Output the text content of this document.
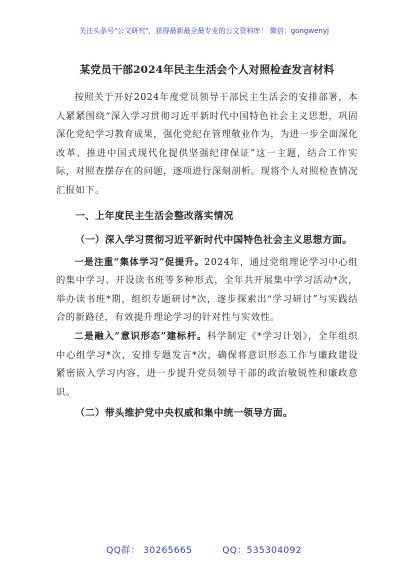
关注头条号"公文研究"，获得最新最全最专业的公文资料库！ 微信：gongwenyj

某党员干部2024年民主生活会个人对照检查发言材料

按照关于开好2024年度党员领导干部民主生活会的安排部署，本人紧紧围绕“深入学习贯彻习近平新时代中国特色社会主义思想，巩固深化党纪学习教育成果，强化党纪在管理敬业作为，为进一步全面深化改革、推进中国式现代化提供坚强纪律保证”这一主题，结合工作实际，对照查摆存在的问题，逐项进行深刻剖析。现将个人对照检查情况汇报如下。

一、上年度民主生活会整改落实情况

（一）深入学习贯彻习近平新时代中国特色社会主义思想方面。

一是注重“集体学习”促提升。2024年，通过党组理论学习中心组的集中学习、开设读书班等多种形式，全年共开展集中学习活动*次，举办读书班*期，组织专题研讨*次，逐步探索出“学习研讨”与实践结合的新路径，有效提升理论学习的针对性与实效性。

二是融入“意识形态”建标杆。科学制定《*学习计划》，全年组织中心组学习*次，安排专题发言*次，确保将意识形态工作与廉政建设紧密嵌入学习内容，进一步提升党员领导干部的政治敏锐性和廉政意识。

（二）带头维护党中央权威和集中统一领导方面。

QQ群： 30265665	QQ：535304092
